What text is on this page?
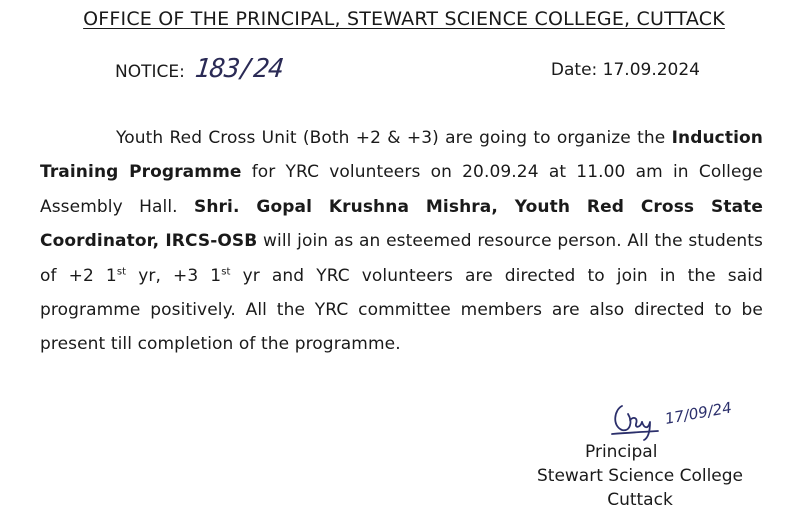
OFFICE OF THE PRINCIPAL, STEWART SCIENCE COLLEGE, CUTTACK
NOTICE: 183/24	Date: 17.09.2024
Youth Red Cross Unit (Both +2 & +3) are going to organize the Induction Training Programme for YRC volunteers on 20.09.24 at 11.00 am in College Assembly Hall. Shri. Gopal Krushna Mishra, Youth Red Cross State Coordinator, IRCS-OSB will join as an esteemed resource person. All the students of +2 1st yr, +3 1st yr and YRC volunteers are directed to join in the said programme positively. All the YRC committee members are also directed to be present till completion of the programme.
17/09/24
Principal
Stewart Science College
Cuttack
